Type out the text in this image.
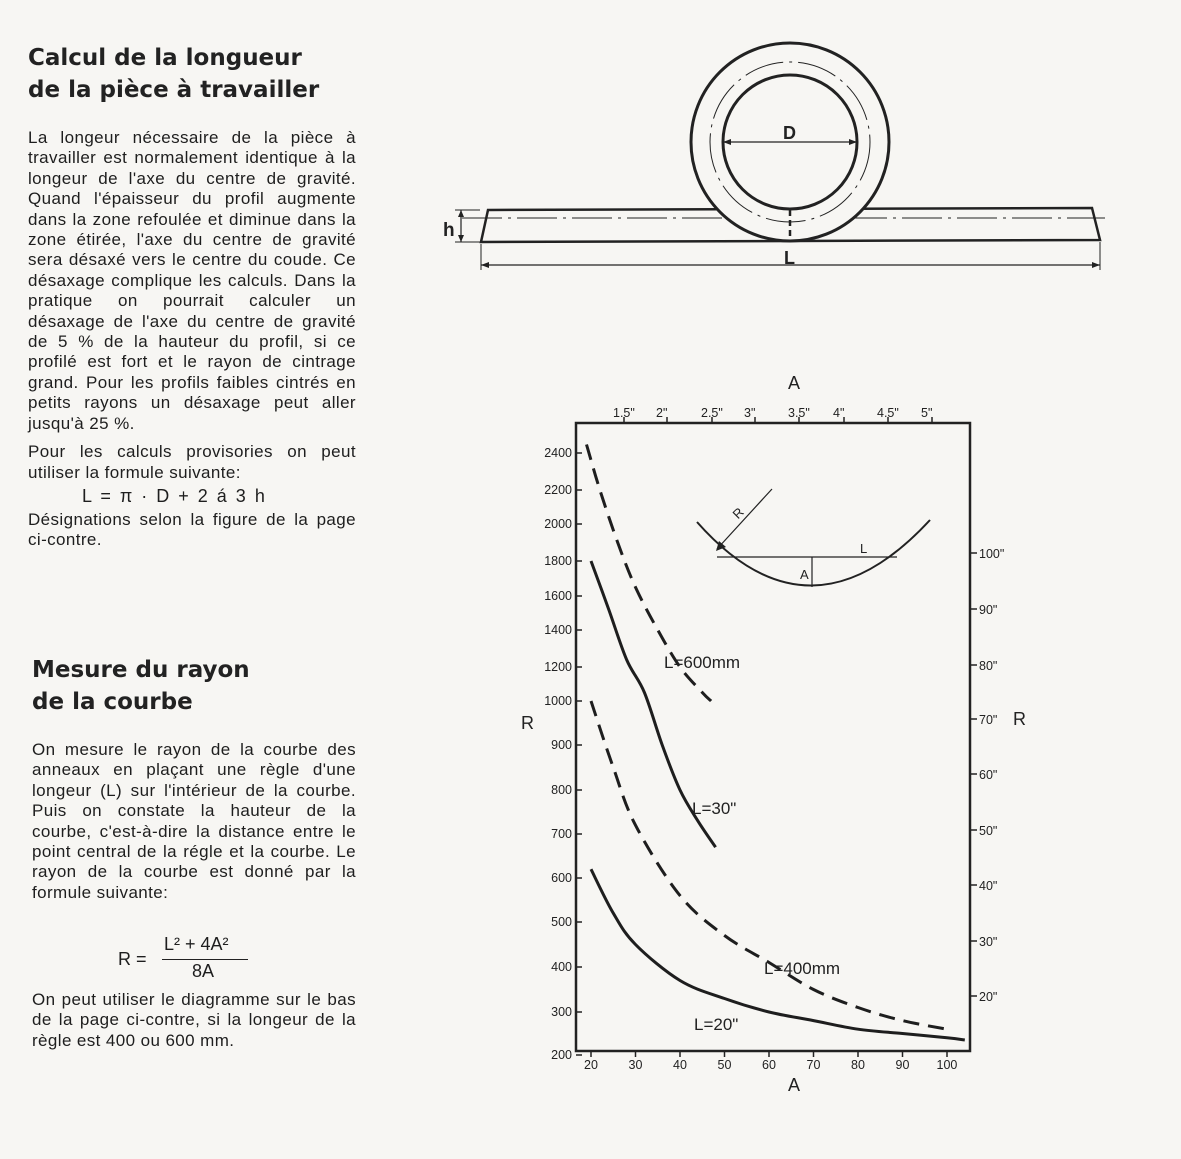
Calcul de la longueur
de la pièce à travailler

La longeur nécessaire de la pièce à travailler est normalement identique à la longeur de l'axe du centre de gravité. Quand l'épaisseur du profil augmente dans la zone refoulée et diminue dans la zone étirée, l'axe du centre de gravité sera désaxé vers le centre du coude. Ce désaxage complique les calculs. Dans la pratique on pourrait calculer un désaxage de l'axe du centre de gravité de 5 % de la hauteur du profil, si ce profilé est fort et le rayon de cintrage grand. Pour les profils faibles cintrés en petits rayons un désaxage peut aller jusqu'à 25 %.

Pour les calculs provisories on peut utiliser la formule suivante:

L = π · D + 2 á 3 h

Désignations selon la figure de la page ci-contre.

Mesure du rayon
de la courbe

On mesure le rayon de la courbe des anneaux en plaçant une règle d'une longeur (L) sur l'intérieur de la courbe. Puis on constate la hauteur de la courbe, c'est-à-dire la distance entre le point central de la régle et la courbe. Le rayon de la courbe est donné par la formule suivante:

R =
L² + 4A²
8A

On peut utiliser le diagramme sur le bas de la page ci-contre, si la longeur de la règle est 400 ou 600 mm.

D
h
L
20 30 40 50 60 70 80 90 100
1.5" 2"	2.5" 3"	3.5" 4"	4.5" 5"
200
300
400
500
600
700
800
900
1000
1200
1400
1600
1800
2000
2200
2400
20"
30"
40"
50"
60"
70"
80"
90"
100"
L=600mm
L=30"
L=400mm
L=20"
R
L
A
A
A
R	R
